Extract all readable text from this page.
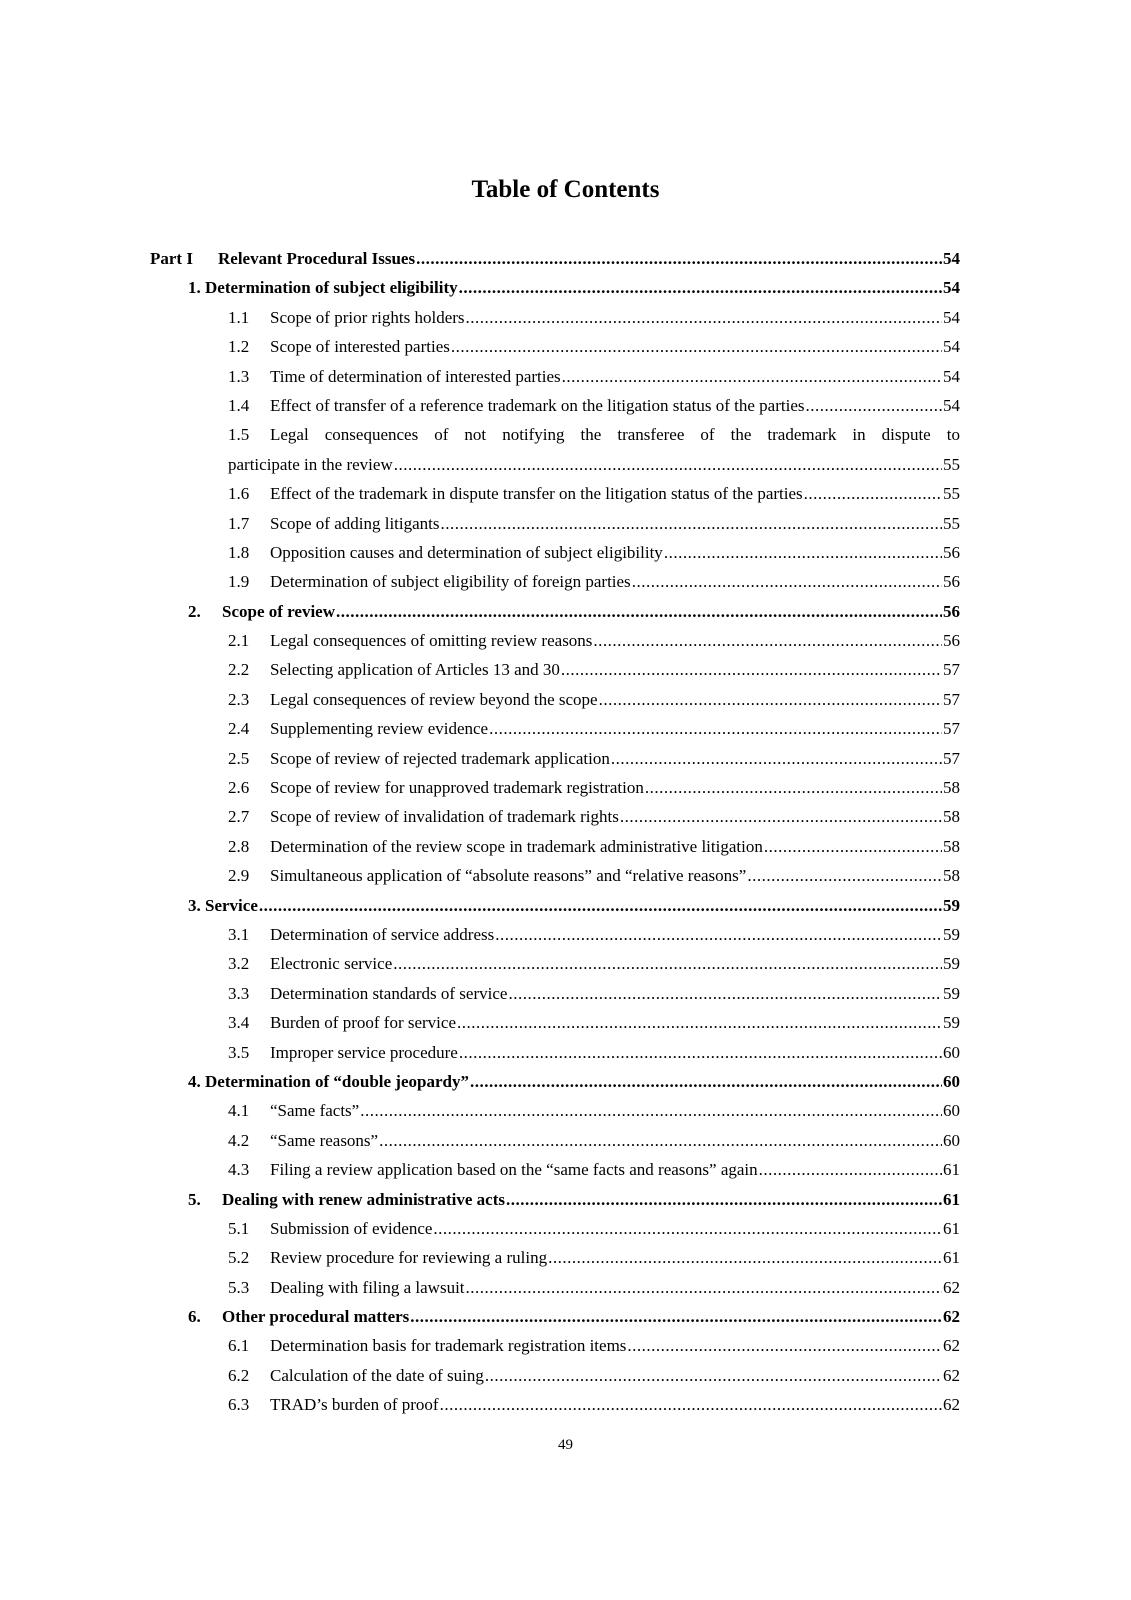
Table of Contents
Part I	Relevant Procedural Issues .....	54
1. Determination of subject eligibility .....	54
1.1	Scope of prior rights holders .....	54
1.2	Scope of interested parties .....	54
1.3	Time of determination of interested parties .....	54
1.4	Effect of transfer of a reference trademark on the litigation status of the parties .....	54
1.5	Legal consequences of not notifying the transferee of the trademark in dispute to
participate in the review .....	55
1.6	Effect of the trademark in dispute transfer on the litigation status of the parties .....	55
1.7	Scope of adding litigants .....	55
1.8	Opposition causes and determination of subject eligibility .....	56
1.9	Determination of subject eligibility of foreign parties .....	56
2.	Scope of review .....	56
2.1	Legal consequences of omitting review reasons .....	56
2.2	Selecting application of Articles 13 and 30 .....	57
2.3	Legal consequences of review beyond the scope .....	57
2.4	Supplementing review evidence .....	57
2.5	Scope of review of rejected trademark application .....	57
2.6	Scope of review for unapproved trademark registration .....	58
2.7	Scope of review of invalidation of trademark rights .....	58
2.8	Determination of the review scope in trademark administrative litigation .....	58
2.9	Simultaneous application of “absolute reasons” and “relative reasons” .....	58
3. Service .....	59
3.1	Determination of service address .....	59
3.2	Electronic service .....	59
3.3	Determination standards of service .....	59
3.4	Burden of proof for service .....	59
3.5	Improper service procedure .....	60
4. Determination of “double jeopardy” .....	60
4.1	“Same facts” .....	60
4.2	“Same reasons” .....	60
4.3	Filing a review application based on the “same facts and reasons” again .....	61
5.	Dealing with renew administrative acts .....	61
5.1	Submission of evidence .....	61
5.2	Review procedure for reviewing a ruling .....	61
5.3	Dealing with filing a lawsuit .....	62
6.	Other procedural matters .....	62
6.1	Determination basis for trademark registration items .....	62
6.2	Calculation of the date of suing .....	62
6.3	TRAD’s burden of proof .....	62
49
